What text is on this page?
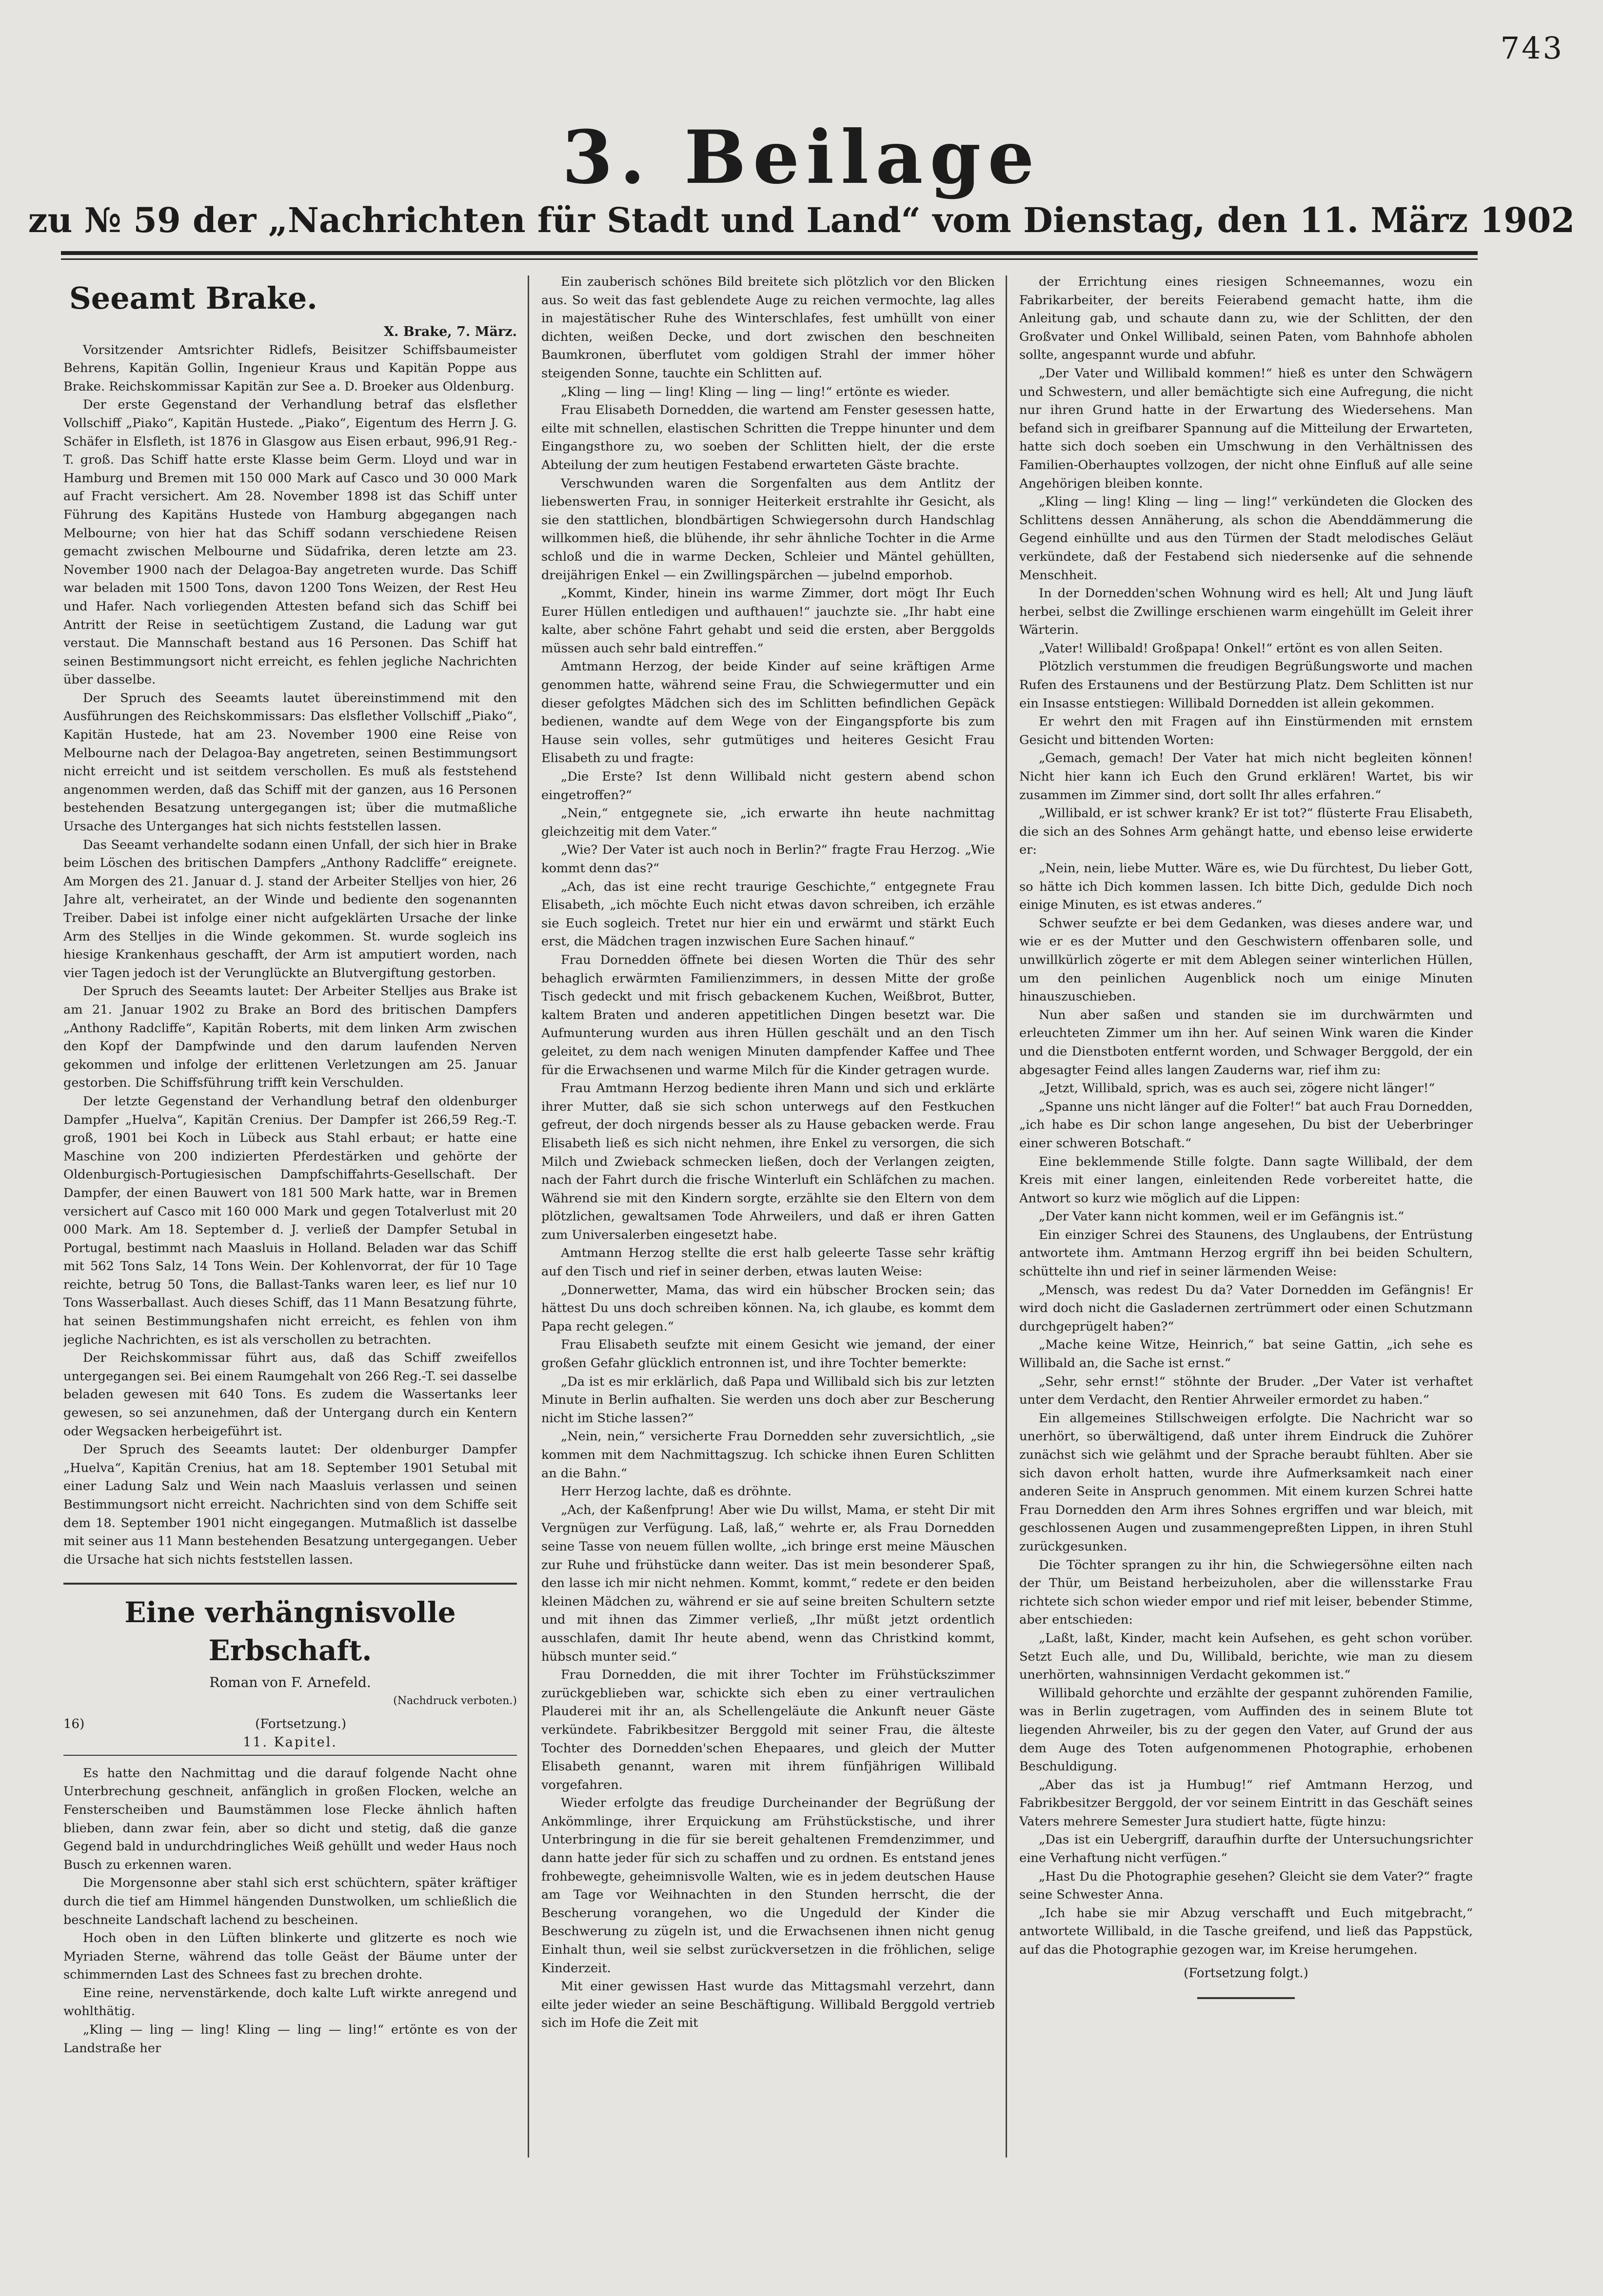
743
3. Beilage
zu № 59 der „Nachrichten für Stadt und Land“ vom Dienstag, den 11. März 1902
Seeamt Brake.
X. Brake, 7. März.

Vorsitzender Amtsrichter Ridlefs, Beisitzer Schiffsbaumeister Behrens, Kapitän Gollin, Ingenieur Kraus und Kapitän Poppe aus Brake. Reichskommissar Kapitän zur See a. D. Broeker aus Oldenburg.

Der erste Gegenstand der Verhandlung betraf das elsflether Vollschiff „Piako“, Kapitän Hustede. „Piako“, Eigentum des Herrn J. G. Schäfer in Elsfleth, ist 1876 in Glasgow aus Eisen erbaut, 996,91 Reg.-T. groß. Das Schiff hatte erste Klasse beim Germ. Lloyd und war in Hamburg und Bremen mit 150 000 Mark auf Casco und 30 000 Mark auf Fracht versichert. Am 28. November 1898 ist das Schiff unter Führung des Kapitäns Hustede von Hamburg abgegangen nach Melbourne; von hier hat das Schiff sodann verschiedene Reisen gemacht zwischen Melbourne und Südafrika, deren letzte am 23. November 1900 nach der Delagoa-Bay angetreten wurde. Das Schiff war beladen mit 1500 Tons, davon 1200 Tons Weizen, der Rest Heu und Hafer. Nach vorliegenden Attesten befand sich das Schiff bei Antritt der Reise in seetüchtigem Zustand, die Ladung war gut verstaut. Die Mannschaft bestand aus 16 Personen. Das Schiff hat seinen Bestimmungsort nicht erreicht, es fehlen jegliche Nachrichten über dasselbe.

Der Spruch des Seeamts lautet übereinstimmend mit den Ausführungen des Reichskommissars: Das elsflether Vollschiff „Piako“, Kapitän Hustede, hat am 23. November 1900 eine Reise von Melbourne nach der Delagoa-Bay angetreten, seinen Bestimmungsort nicht erreicht und ist seitdem verschollen. Es muß als feststehend angenommen werden, daß das Schiff mit der ganzen, aus 16 Personen bestehenden Besatzung untergegangen ist; über die mutmaßliche Ursache des Unterganges hat sich nichts feststellen lassen.

Das Seeamt verhandelte sodann einen Unfall, der sich hier in Brake beim Löschen des britischen Dampfers „Anthony Radcliffe“ ereignete. Am Morgen des 21. Januar d. J. stand der Arbeiter Stelljes von hier, 26 Jahre alt, verheiratet, an der Winde und bediente den sogenannten Treiber. Dabei ist infolge einer nicht aufgeklärten Ursache der linke Arm des Stelljes in die Winde gekommen. St. wurde sogleich ins hiesige Krankenhaus geschafft, der Arm ist amputiert worden, nach vier Tagen jedoch ist der Verunglückte an Blutvergiftung gestorben.

Der Spruch des Seeamts lautet: Der Arbeiter Stelljes aus Brake ist am 21. Januar 1902 zu Brake an Bord des britischen Dampfers „Anthony Radcliffe“, Kapitän Roberts, mit dem linken Arm zwischen den Kopf der Dampfwinde und den darum laufenden Nerven gekommen und infolge der erlittenen Verletzungen am 25. Januar gestorben. Die Schiffsführung trifft kein Verschulden.

Der letzte Gegenstand der Verhandlung betraf den oldenburger Dampfer „Huelva“, Kapitän Crenius. Der Dampfer ist 266,59 Reg.-T. groß, 1901 bei Koch in Lübeck aus Stahl erbaut; er hatte eine Maschine von 200 indizierten Pferdestärken und gehörte der Oldenburgisch-Portugiesischen Dampfschiffahrts-Gesellschaft. Der Dampfer, der einen Bauwert von 181 500 Mark hatte, war in Bremen versichert auf Casco mit 160 000 Mark und gegen Totalverlust mit 20 000 Mark. Am 18. September d. J. verließ der Dampfer Setubal in Portugal, bestimmt nach Maasluis in Holland. Beladen war das Schiff mit 562 Tons Salz, 14 Tons Wein. Der Kohlenvorrat, der für 10 Tage reichte, betrug 50 Tons, die Ballast-Tanks waren leer, es lief nur 10 Tons Wasserballast. Auch dieses Schiff, das 11 Mann Besatzung führte, hat seinen Bestimmungshafen nicht erreicht, es fehlen von ihm jegliche Nachrichten, es ist als verschollen zu betrachten.

Der Reichskommissar führt aus, daß das Schiff zweifellos untergegangen sei. Bei einem Raumgehalt von 266 Reg.-T. sei dasselbe beladen gewesen mit 640 Tons. Es zudem die Wassertanks leer gewesen, so sei anzunehmen, daß der Untergang durch ein Kentern oder Wegsacken herbeigeführt ist.

Der Spruch des Seeamts lautet: Der oldenburger Dampfer „Huelva“, Kapitän Crenius, hat am 18. September 1901 Setubal mit einer Ladung Salz und Wein nach Maasluis verlassen und seinen Bestimmungsort nicht erreicht. Nachrichten sind von dem Schiffe seit dem 18. September 1901 nicht eingegangen. Mutmaßlich ist dasselbe mit seiner aus 11 Mann bestehenden Besatzung untergegangen. Ueber die Ursache hat sich nichts feststellen lassen.

Eine verhängnisvolle Erbschaft.
Roman von F. Arnefeld.
(Nachdruck verboten.)
16)	(Fortsetzung.)
11. Kapitel.

Es hatte den Nachmittag und die darauf folgende Nacht ohne Unterbrechung geschneit, anfänglich in großen Flocken, welche an Fensterscheiben und Baumstämmen lose Flecke ähnlich haften blieben, dann zwar fein, aber so dicht und stetig, daß die ganze Gegend bald in undurchdringliches Weiß gehüllt und weder Haus noch Busch zu erkennen waren.

Die Morgensonne aber stahl sich erst schüchtern, später kräftiger durch die tief am Himmel hängenden Dunstwolken, um schließlich die beschneite Landschaft lachend zu bescheinen.

Hoch oben in den Lüften blinkerte und glitzerte es noch wie Myriaden Sterne, während das tolle Geäst der Bäume unter der schimmernden Last des Schnees fast zu brechen drohte.

Eine reine, nervenstärkende, doch kalte Luft wirkte anregend und wohlthätig.

„Kling — ling — ling! Kling — ling — ling!“ ertönte es von der Landstraße her

Ein zauberisch schönes Bild breitete sich plötzlich vor den Blicken aus. So weit das fast geblendete Auge zu reichen vermochte, lag alles in majestätischer Ruhe des Winterschlafes, fest umhüllt von einer dichten, weißen Decke, und dort zwischen den beschneiten Baumkronen, überflutet vom goldigen Strahl der immer höher steigenden Sonne, tauchte ein Schlitten auf.

„Kling — ling — ling! Kling — ling — ling!“ ertönte es wieder.

Frau Elisabeth Dornedden, die wartend am Fenster gesessen hatte, eilte mit schnellen, elastischen Schritten die Treppe hinunter und dem Eingangsthore zu, wo soeben der Schlitten hielt, der die erste Abteilung der zum heutigen Festabend erwarteten Gäste brachte.

Verschwunden waren die Sorgenfalten aus dem Antlitz der liebenswerten Frau, in sonniger Heiterkeit erstrahlte ihr Gesicht, als sie den stattlichen, blondbärtigen Schwiegersohn durch Handschlag willkommen hieß, die blühende, ihr sehr ähnliche Tochter in die Arme schloß und die in warme Decken, Schleier und Mäntel gehüllten, dreijährigen Enkel — ein Zwillingspärchen — jubelnd emporhob.

„Kommt, Kinder, hinein ins warme Zimmer, dort mögt Ihr Euch Eurer Hüllen entledigen und aufthauen!“ jauchzte sie. „Ihr habt eine kalte, aber schöne Fahrt gehabt und seid die ersten, aber Berggolds müssen auch sehr bald eintreffen.“

Amtmann Herzog, der beide Kinder auf seine kräftigen Arme genommen hatte, während seine Frau, die Schwiegermutter und ein dieser gefolgtes Mädchen sich des im Schlitten befindlichen Gepäck bedienen, wandte auf dem Wege von der Eingangspforte bis zum Hause sein volles, sehr gutmütiges und heiteres Gesicht Frau Elisabeth zu und fragte:

„Die Erste? Ist denn Willibald nicht gestern abend schon eingetroffen?“

„Nein,“ entgegnete sie, „ich erwarte ihn heute nachmittag gleichzeitig mit dem Vater.“

„Wie? Der Vater ist auch noch in Berlin?“ fragte Frau Herzog. „Wie kommt denn das?“

„Ach, das ist eine recht traurige Geschichte,“ entgegnete Frau Elisabeth, „ich möchte Euch nicht etwas davon schreiben, ich erzähle sie Euch sogleich. Tretet nur hier ein und erwärmt und stärkt Euch erst, die Mädchen tragen inzwischen Eure Sachen hinauf.“

Frau Dornedden öffnete bei diesen Worten die Thür des sehr behaglich erwärmten Familienzimmers, in dessen Mitte der große Tisch gedeckt und mit frisch gebackenem Kuchen, Weißbrot, Butter, kaltem Braten und anderen appetitlichen Dingen besetzt war. Die Aufmunterung wurden aus ihren Hüllen geschält und an den Tisch geleitet, zu dem nach wenigen Minuten dampfender Kaffee und Thee für die Erwachsenen und warme Milch für die Kinder getragen wurde.

Frau Amtmann Herzog bediente ihren Mann und sich und erklärte ihrer Mutter, daß sie sich schon unterwegs auf den Festkuchen gefreut, der doch nirgends besser als zu Hause gebacken werde. Frau Elisabeth ließ es sich nicht nehmen, ihre Enkel zu versorgen, die sich Milch und Zwieback schmecken ließen, doch der Verlangen zeigten, nach der Fahrt durch die frische Winterluft ein Schläfchen zu machen. Während sie mit den Kindern sorgte, erzählte sie den Eltern von dem plötzlichen, gewaltsamen Tode Ahrweilers, und daß er ihren Gatten zum Universalerben eingesetzt habe.

Amtmann Herzog stellte die erst halb geleerte Tasse sehr kräftig auf den Tisch und rief in seiner derben, etwas lauten Weise:

„Donnerwetter, Mama, das wird ein hübscher Brocken sein; das hättest Du uns doch schreiben können. Na, ich glaube, es kommt dem Papa recht gelegen.“

Frau Elisabeth seufzte mit einem Gesicht wie jemand, der einer großen Gefahr glücklich entronnen ist, und ihre Tochter bemerkte:

„Da ist es mir erklärlich, daß Papa und Willibald sich bis zur letzten Minute in Berlin aufhalten. Sie werden uns doch aber zur Bescherung nicht im Stiche lassen?“

„Nein, nein,“ versicherte Frau Dornedden sehr zuversichtlich, „sie kommen mit dem Nachmittagszug. Ich schicke ihnen Euren Schlitten an die Bahn.“

Herr Herzog lachte, daß es dröhnte.

„Ach, der Kaßenfprung! Aber wie Du willst, Mama, er steht Dir mit Vergnügen zur Verfügung. Laß, laß,“ wehrte er, als Frau Dornedden seine Tasse von neuem füllen wollte, „ich bringe erst meine Mäuschen zur Ruhe und frühstücke dann weiter. Das ist mein besonderer Spaß, den lasse ich mir nicht nehmen. Kommt, kommt,“ redete er den beiden kleinen Mädchen zu, während er sie auf seine breiten Schultern setzte und mit ihnen das Zimmer verließ, „Ihr müßt jetzt ordentlich ausschlafen, damit Ihr heute abend, wenn das Christkind kommt, hübsch munter seid.“

Frau Dornedden, die mit ihrer Tochter im Frühstückszimmer zurückgeblieben war, schickte sich eben zu einer vertraulichen Plauderei mit ihr an, als Schellengeläute die Ankunft neuer Gäste verkündete. Fabrikbesitzer Berggold mit seiner Frau, die älteste Tochter des Dornedden'schen Ehepaares, und gleich der Mutter Elisabeth genannt, waren mit ihrem fünfjährigen Willibald vorgefahren.

Wieder erfolgte das freudige Durcheinander der Begrüßung der Ankömmlinge, ihrer Erquickung am Frühstückstische, und ihrer Unterbringung in die für sie bereit gehaltenen Fremdenzimmer, und dann hatte jeder für sich zu schaffen und zu ordnen. Es entstand jenes frohbewegte, geheimnisvolle Walten, wie es in jedem deutschen Hause am Tage vor Weihnachten in den Stunden herrscht, die der Bescherung vorangehen, wo die Ungeduld der Kinder die Beschwerung zu zügeln ist, und die Erwachsenen ihnen nicht genug Einhalt thun, weil sie selbst zurückversetzen in die fröhlichen, selige Kinderzeit.

Mit einer gewissen Hast wurde das Mittagsmahl verzehrt, dann eilte jeder wieder an seine Beschäftigung. Willibald Berggold vertrieb sich im Hofe die Zeit mit

der Errichtung eines riesigen Schneemannes, wozu ein Fabrikarbeiter, der bereits Feierabend gemacht hatte, ihm die Anleitung gab, und schaute dann zu, wie der Schlitten, der den Großvater und Onkel Willibald, seinen Paten, vom Bahnhofe abholen sollte, angespannt wurde und abfuhr.

„Der Vater und Willibald kommen!“ hieß es unter den Schwägern und Schwestern, und aller bemächtigte sich eine Aufregung, die nicht nur ihren Grund hatte in der Erwartung des Wiedersehens. Man befand sich in greifbarer Spannung auf die Mitteilung der Erwarteten, hatte sich doch soeben ein Umschwung in den Verhältnissen des Familien-Oberhauptes vollzogen, der nicht ohne Einfluß auf alle seine Angehörigen bleiben konnte.

„Kling — ling! Kling — ling — ling!“ verkündeten die Glocken des Schlittens dessen Annäherung, als schon die Abenddämmerung die Gegend einhüllte und aus den Türmen der Stadt melodisches Geläut verkündete, daß der Festabend sich niedersenke auf die sehnende Menschheit.

In der Dornedden'schen Wohnung wird es hell; Alt und Jung läuft herbei, selbst die Zwillinge erschienen warm eingehüllt im Geleit ihrer Wärterin.

„Vater! Willibald! Großpapa! Onkel!“ ertönt es von allen Seiten.

Plötzlich verstummen die freudigen Begrüßungsworte und machen Rufen des Erstaunens und der Bestürzung Platz. Dem Schlitten ist nur ein Insasse entstiegen: Willibald Dornedden ist allein gekommen.

Er wehrt den mit Fragen auf ihn Einstürmenden mit ernstem Gesicht und bittenden Worten:

„Gemach, gemach! Der Vater hat mich nicht begleiten können! Nicht hier kann ich Euch den Grund erklären! Wartet, bis wir zusammen im Zimmer sind, dort sollt Ihr alles erfahren.“

„Willibald, er ist schwer krank? Er ist tot?“ flüsterte Frau Elisabeth, die sich an des Sohnes Arm gehängt hatte, und ebenso leise erwiderte er:

„Nein, nein, liebe Mutter. Wäre es, wie Du fürchtest, Du lieber Gott, so hätte ich Dich kommen lassen. Ich bitte Dich, gedulde Dich noch einige Minuten, es ist etwas anderes.“

Schwer seufzte er bei dem Gedanken, was dieses andere war, und wie er es der Mutter und den Geschwistern offenbaren solle, und unwillkürlich zögerte er mit dem Ablegen seiner winterlichen Hüllen, um den peinlichen Augenblick noch um einige Minuten hinauszuschieben.

Nun aber saßen und standen sie im durchwärmten und erleuchteten Zimmer um ihn her. Auf seinen Wink waren die Kinder und die Dienstboten entfernt worden, und Schwager Berggold, der ein abgesagter Feind alles langen Zauderns war, rief ihm zu:

„Jetzt, Willibald, sprich, was es auch sei, zögere nicht länger!“

„Spanne uns nicht länger auf die Folter!“ bat auch Frau Dornedden, „ich habe es Dir schon lange angesehen, Du bist der Ueberbringer einer schweren Botschaft.“

Eine beklemmende Stille folgte. Dann sagte Willibald, der dem Kreis mit einer langen, einleitenden Rede vorbereitet hatte, die Antwort so kurz wie möglich auf die Lippen:

„Der Vater kann nicht kommen, weil er im Gefängnis ist.“

Ein einziger Schrei des Staunens, des Unglaubens, der Entrüstung antwortete ihm. Amtmann Herzog ergriff ihn bei beiden Schultern, schüttelte ihn und rief in seiner lärmenden Weise:

„Mensch, was redest Du da? Vater Dornedden im Gefängnis! Er wird doch nicht die Gasladernen zertrümmert oder einen Schutzmann durchgeprügelt haben?“

„Mache keine Witze, Heinrich,“ bat seine Gattin, „ich sehe es Willibald an, die Sache ist ernst.“

„Sehr, sehr ernst!“ stöhnte der Bruder. „Der Vater ist verhaftet unter dem Verdacht, den Rentier Ahrweiler ermordet zu haben.“

Ein allgemeines Stillschweigen erfolgte. Die Nachricht war so unerhört, so überwältigend, daß unter ihrem Eindruck die Zuhörer zunächst sich wie gelähmt und der Sprache beraubt fühlten. Aber sie sich davon erholt hatten, wurde ihre Aufmerksamkeit nach einer anderen Seite in Anspruch genommen. Mit einem kurzen Schrei hatte Frau Dornedden den Arm ihres Sohnes ergriffen und war bleich, mit geschlossenen Augen und zusammengepreßten Lippen, in ihren Stuhl zurückgesunken.

Die Töchter sprangen zu ihr hin, die Schwiegersöhne eilten nach der Thür, um Beistand herbeizuholen, aber die willensstarke Frau richtete sich schon wieder empor und rief mit leiser, bebender Stimme, aber entschieden:

„Laßt, laßt, Kinder, macht kein Aufsehen, es geht schon vorüber. Setzt Euch alle, und Du, Willibald, berichte, wie man zu diesem unerhörten, wahnsinnigen Verdacht gekommen ist.“

Willibald gehorchte und erzählte der gespannt zuhörenden Familie, was in Berlin zugetragen, vom Auffinden des in seinem Blute tot liegenden Ahrweiler, bis zu der gegen den Vater, auf Grund der aus dem Auge des Toten aufgenommenen Photographie, erhobenen Beschuldigung.

„Aber das ist ja Humbug!“ rief Amtmann Herzog, und Fabrikbesitzer Berggold, der vor seinem Eintritt in das Geschäft seines Vaters mehrere Semester Jura studiert hatte, fügte hinzu:

„Das ist ein Uebergriff, daraufhin durfte der Untersuchungsrichter eine Verhaftung nicht verfügen.“

„Hast Du die Photographie gesehen? Gleicht sie dem Vater?“ fragte seine Schwester Anna.

„Ich habe sie mir Abzug verschafft und Euch mitgebracht,“ antwortete Willibald, in die Tasche greifend, und ließ das Pappstück, auf das die Photographie gezogen war, im Kreise herumgehen.

(Fortsetzung folgt.)
